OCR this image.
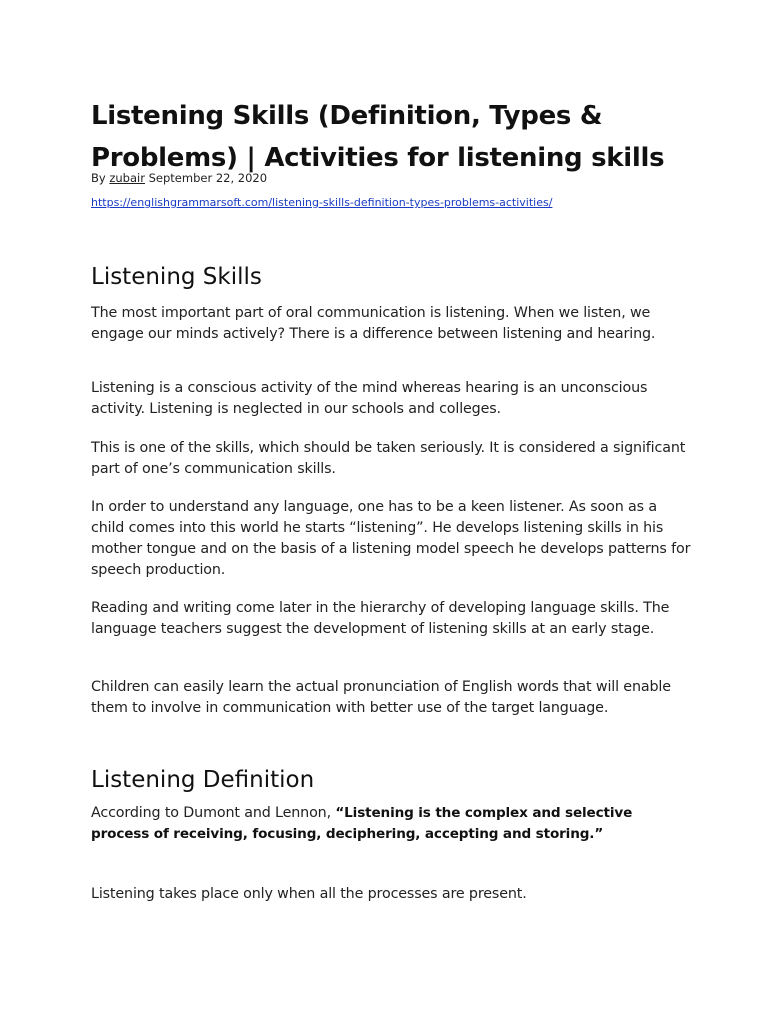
Listening Skills (Definition, Types & Problems) | Activities for listening skills
By zubair September 22, 2020
https://englishgrammarsoft.com/listening-skills-definition-types-problems-activities/
Listening Skills

The most important part of oral communication is listening. When we listen, we engage our minds actively? There is a difference between listening and hearing.

Listening is a conscious activity of the mind whereas hearing is an unconscious activity. Listening is neglected in our schools and colleges.

This is one of the skills, which should be taken seriously. It is considered a significant part of one’s communication skills.

In order to understand any language, one has to be a keen listener. As soon as a child comes into this world he starts “listening”. He develops listening skills in his mother tongue and on the basis of a listening model speech he develops patterns for speech production.

Reading and writing come later in the hierarchy of developing language skills. The language teachers suggest the development of listening skills at an early stage.

Children can easily learn the actual pronunciation of English words that will enable them to involve in communication with better use of the target language.

Listening Definition

According to Dumont and Lennon, “Listening is the complex and selective process of receiving, focusing, deciphering, accepting and storing.”

Listening takes place only when all the processes are present.
